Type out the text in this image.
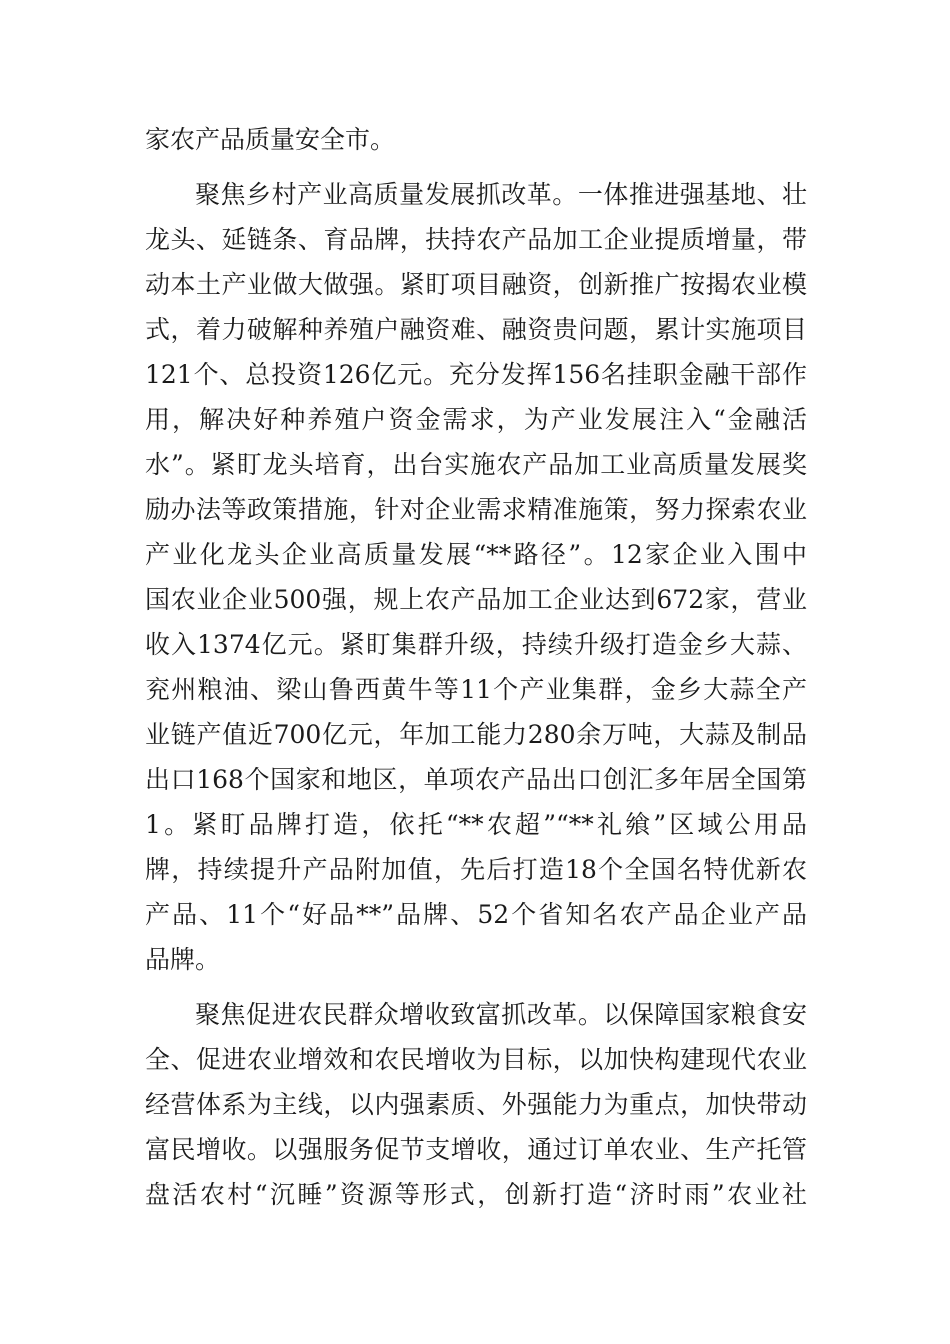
家农产品质量安全市。
聚焦乡村产业高质量发展抓改革。一体推进强基地、壮
龙头、延链条、育品牌，扶持农产品加工企业提质增量，带
动本土产业做大做强。紧盯项目融资，创新推广按揭农业模
式，着力破解种养殖户融资难、融资贵问题，累计实施项目
121个、总投资126亿元。充分发挥156名挂职金融干部作
用，解决好种养殖户资金需求，为产业发展注入“金融活
水”。紧盯龙头培育，出台实施农产品加工业高质量发展奖
励办法等政策措施，针对企业需求精准施策，努力探索农业
产业化龙头企业高质量发展“**路径”。12家企业入围中
国农业企业500强，规上农产品加工企业达到672家，营业
收入1374亿元。紧盯集群升级，持续升级打造金乡大蒜、
兖州粮油、梁山鲁西黄牛等11个产业集群，金乡大蒜全产
业链产值近700亿元，年加工能力280余万吨，大蒜及制品
出口168个国家和地区，单项农产品出口创汇多年居全国第
1。紧盯品牌打造，依托“**农超”“**礼飨”区域公用品
牌，持续提升产品附加值，先后打造18个全国名特优新农
产品、11个“好品**”品牌、52个省知名农产品企业产品
品牌。
聚焦促进农民群众增收致富抓改革。以保障国家粮食安
全、促进农业增效和农民增收为目标，以加快构建现代农业
经营体系为主线，以内强素质、外强能力为重点，加快带动
富民增收。以强服务促节支增收，通过订单农业、生产托管
盘活农村“沉睡”资源等形式，创新打造“济时雨”农业社
